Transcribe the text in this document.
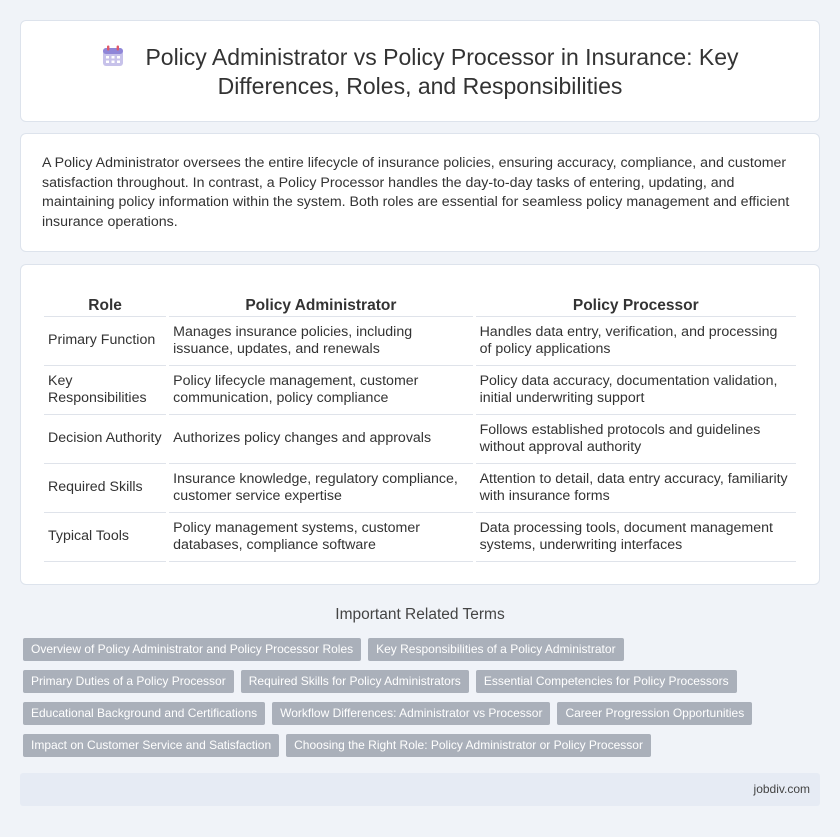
Policy Administrator vs Policy Processor in Insurance: Key Differences, Roles, and Responsibilities

A Policy Administrator oversees the entire lifecycle of insurance policies, ensuring accuracy, compliance, and customer satisfaction throughout. In contrast, a Policy Processor handles the day-to-day tasks of entering, updating, and maintaining policy information within the system. Both roles are essential for seamless policy management and efficient insurance operations.

Role	Policy Administrator	Policy Processor
Primary Function	Manages insurance policies, including issuance, updates, and renewals	Handles data entry, verification, and processing of policy applications
Key Responsibilities	Policy lifecycle management, customer communication, policy compliance	Policy data accuracy, documentation validation, initial underwriting support
Decision Authority	Authorizes policy changes and approvals	Follows established protocols and guidelines without approval authority
Required Skills	Insurance knowledge, regulatory compliance, customer service expertise	Attention to detail, data entry accuracy, familiarity with insurance forms
Typical Tools	Policy management systems, customer databases, compliance software	Data processing tools, document management systems, underwriting interfaces
Important Related Terms
Overview of Policy Administrator and Policy Processor Roles	Key Responsibilities of a Policy Administrator
Primary Duties of a Policy Processor	Required Skills for Policy Administrators	Essential Competencies for Policy Processors
Educational Background and Certifications	Workflow Differences: Administrator vs Processor	Career Progression Opportunities
Impact on Customer Service and Satisfaction	Choosing the Right Role: Policy Administrator or Policy Processor
jobdiv.com
